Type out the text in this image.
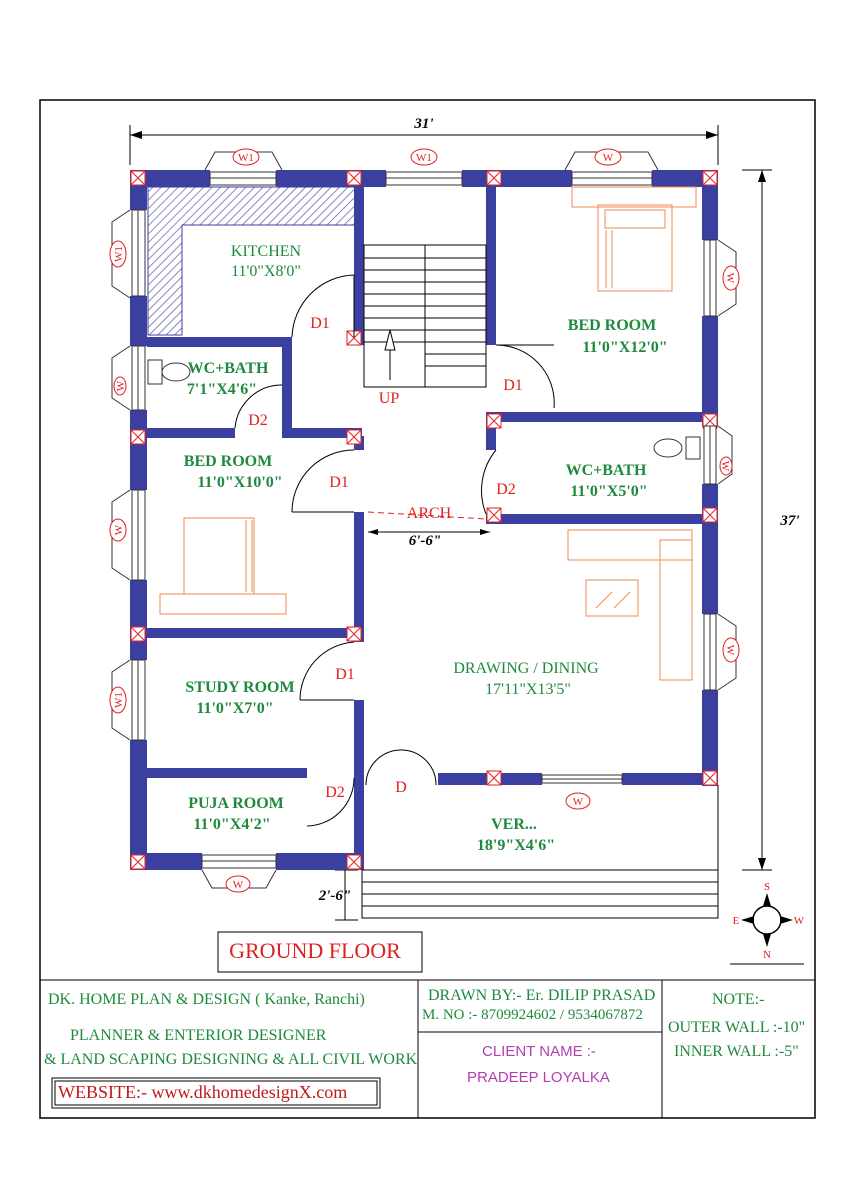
31'
37'
6'-6"
2'-6"
W1	W1	W
W1
W
W
W1
W
W
W
W
W
KITCHEN
11'0"X8'0"
BED ROOM
11'0"X12'0"
WC+BATH
7'1"X4'6"
BED ROOM
11'0"X10'0"
WC+BATH
11'0"X5'0"
STUDY ROOM
11'0"X7'0"
DRAWING / DINING
17'11"X13'5"
PUJA ROOM
11'0"X4'2"	VER...
18'9"X4'6"
D1
D1
D2
D1	D2
D1
D2	D
ARCH
UP
S
N
E	W
GROUND FLOOR
DK. HOME PLAN & DESIGN ( Kanke, Ranchi)
PLANNER & ENTERIOR DESIGNER
& LAND SCAPING DESIGNING & ALL CIVIL WORK
WEBSITE:- www.dkhomedesignX.com
DRAWN BY:- Er. DILIP PRASAD
M. NO :- 8709924602 / 9534067872
CLIENT NAME :-
PRADEEP LOYALKA
NOTE:-
OUTER WALL :-10"
INNER WALL :-5"
